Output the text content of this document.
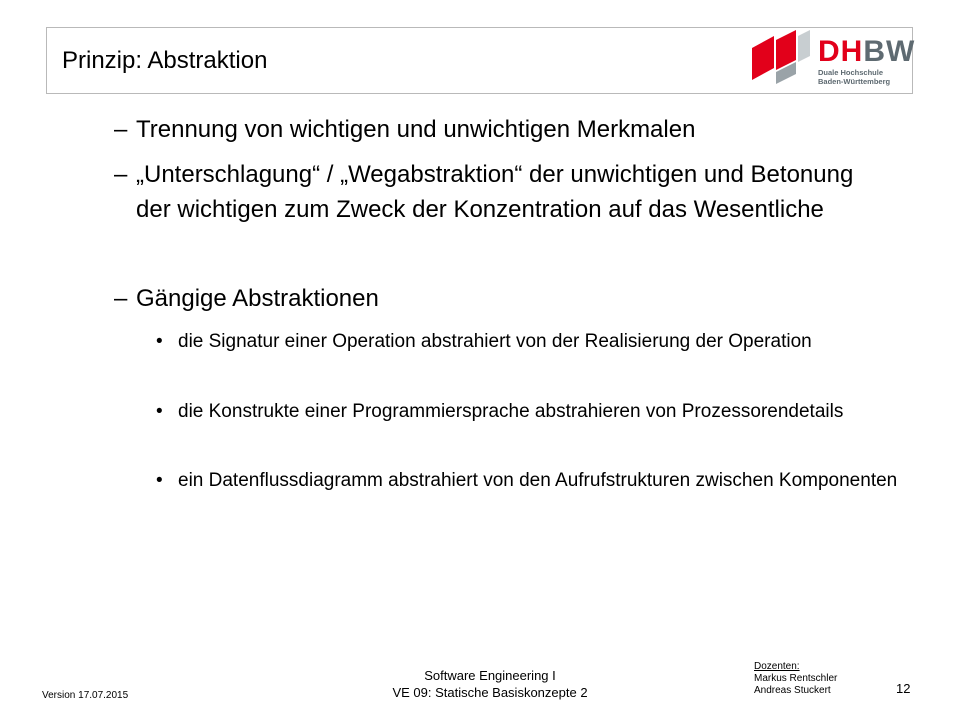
Prinzip: Abstraktion	DHBW
Duale Hochschule
Baden-Württemberg
– Trennung von wichtigen und unwichtigen Merkmalen
– „Unterschlagung“ / „Wegabstraktion“ der unwichtigen und Betonung der wichtigen zum Zweck der Konzentration auf das Wesentliche
– Gängige Abstraktionen
• die Signatur einer Operation abstrahiert von der Realisierung der Operation
• die Konstrukte einer Programmiersprache abstrahieren von Prozessorendetails
• ein Datenflussdiagramm abstrahiert von den Aufrufstrukturen zwischen Komponenten
Version 17.07.2015
Software Engineering I
VE 09: Statische Basiskonzepte 2
Dozenten:
Markus Rentschler
Andreas Stuckert	12
